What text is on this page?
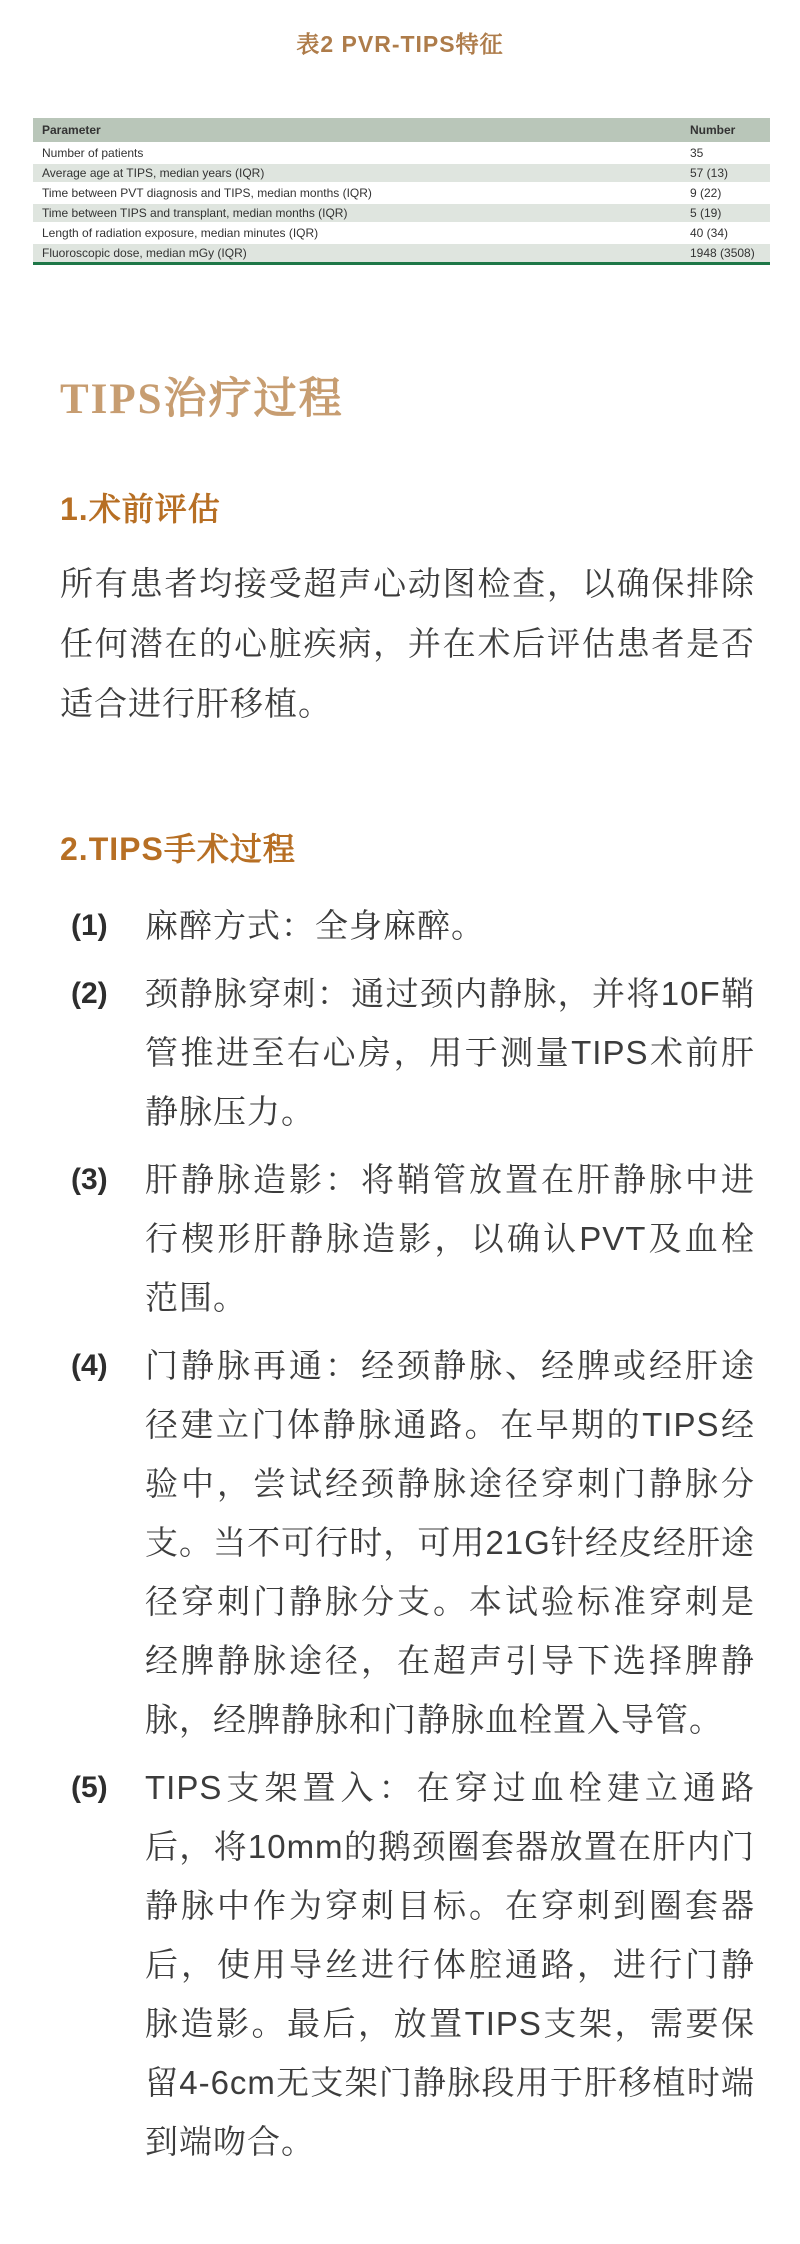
表2 PVR-TIPS特征
Parameter	Number
Number of patients	35
Average age at TIPS, median years (IQR)	57 (13)
Time between PVT diagnosis and TIPS, median months (IQR)	9 (22)
Time between TIPS and transplant, median months (IQR)	5 (19)
Length of radiation exposure, median minutes (IQR)	40 (34)
Fluoroscopic dose, median mGy (IQR)	1948 (3508)
TIPS治疗过程
1.术前评估

所有患者均接受超声心动图检查，以确保排除任何潜在的心脏疾病，并在术后评估患者是否适合进行肝移植。

2.TIPS手术过程
(1)	麻醉方式：全身麻醉。
(2)	颈静脉穿刺：通过颈内静脉，并将10F鞘管推进至右心房，用于测量TIPS术前肝静脉压力。
(3)	肝静脉造影：将鞘管放置在肝静脉中进行楔形肝静脉造影，以确认PVT及血栓范围。
(4)	门静脉再通：经颈静脉、经脾或经肝途径建立门体静脉通路。在早期的TIPS经验中，尝试经颈静脉途径穿刺门静脉分支。当不可行时，可用21G针经皮经肝途径穿刺门静脉分支。本试验标准穿刺是经脾静脉途径，在超声引导下选择脾静脉，经脾静脉和门静脉血栓置入导管。
(5)	TIPS支架置入：在穿过血栓建立通路后，将10mm的鹅颈圈套器放置在肝内门静脉中作为穿刺目标。在穿刺到圈套器后，使用导丝进行体腔通路，进行门静脉造影。最后，放置TIPS支架，需要保留4-6cm无支架门静脉段用于肝移植时端到端吻合。
